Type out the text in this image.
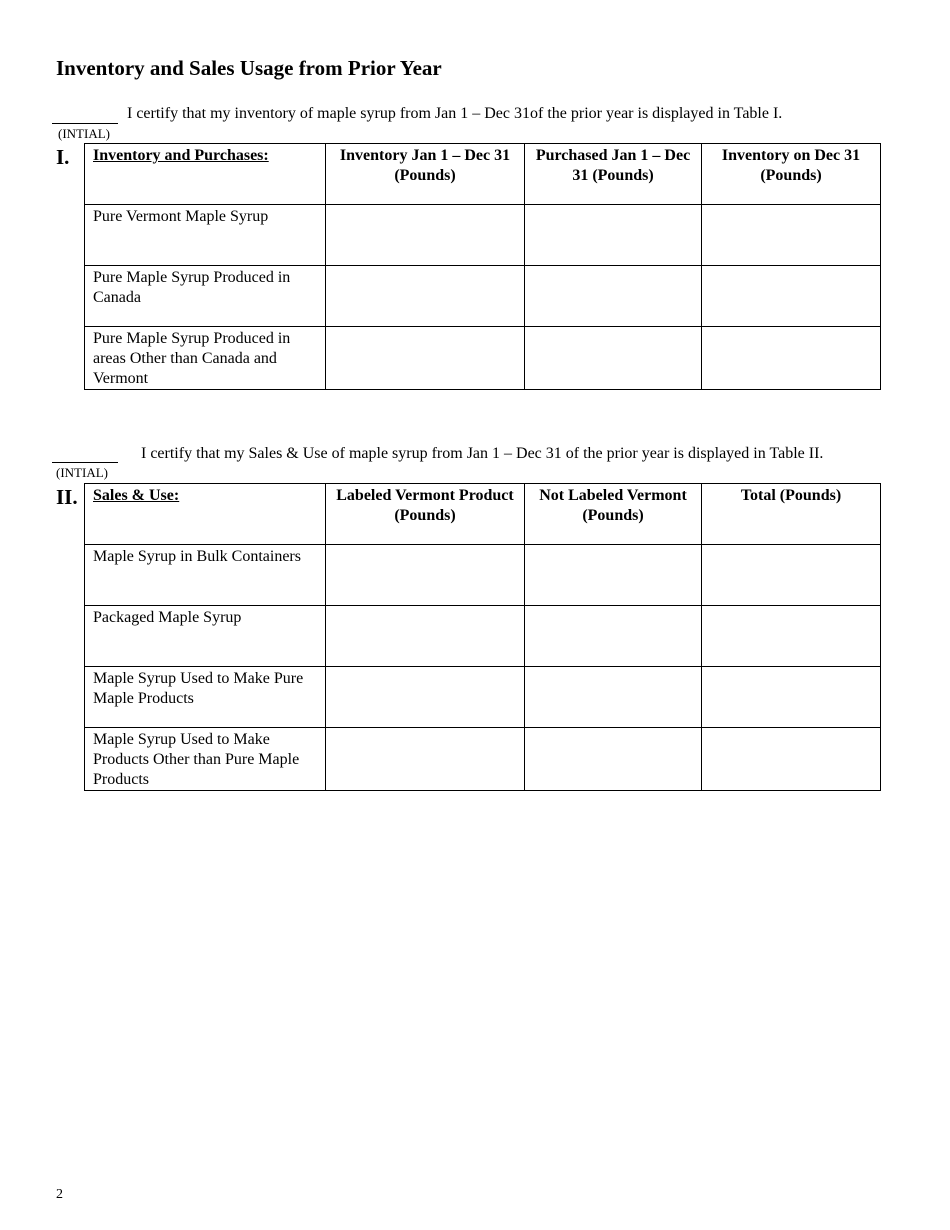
Inventory and Sales Usage from Prior Year
I certify that my inventory of maple syrup from Jan 1 – Dec 31of the prior year is displayed in Table I.
(INTIAL)
I. Inventory and Purchases:	Inventory Jan 1 – Dec 31 (Pounds)	Purchased Jan 1 – Dec 31 (Pounds)	Inventory on Dec 31 (Pounds)
Pure Vermont Maple Syrup			
Pure Maple Syrup Produced in Canada			
Pure Maple Syrup Produced in areas Other than Canada and Vermont			
I certify that my Sales & Use of maple syrup from Jan 1 – Dec 31 of the prior year is displayed in Table II.
(INTIAL)
II. Sales & Use:	Labeled Vermont Product (Pounds)	Not Labeled Vermont (Pounds)	Total (Pounds)
Maple Syrup in Bulk Containers			
Packaged Maple Syrup			
Maple Syrup Used to Make Pure Maple Products			
Maple Syrup Used to Make Products Other than Pure Maple Products			
2
